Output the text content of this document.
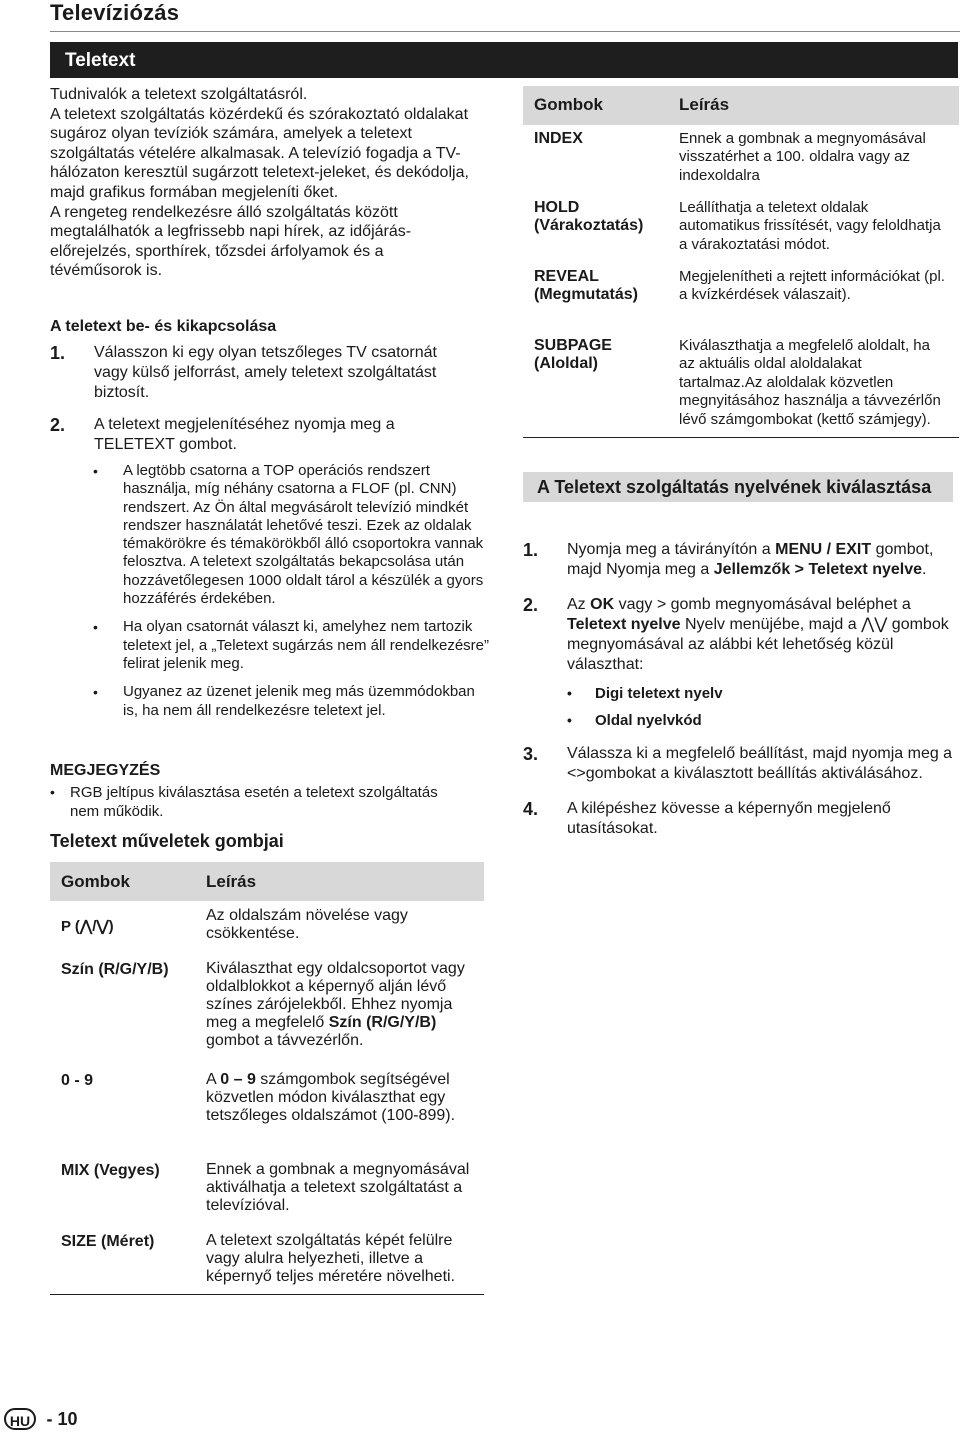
Televíziózás
Teletext

Tudnivalók a teletext szolgáltatásról.

A teletext szolgáltatás közérdekű és szórakoztató oldalakat sugároz olyan tevíziók számára, amelyek a teletext szolgáltatás vételére alkalmasak. A televízió fogadja a TV-hálózaton keresztül sugárzott teletext-jeleket, és dekódolja, majd grafikus formában megjeleníti őket.

A rengeteg rendelkezésre álló szolgáltatás között megtalálhatók a legfrissebb napi hírek, az időjárás-előrejelzés, sporthírek, tőzsdei árfolyamok és a tévéműsorok is.

A teletext be- és kikapcsolása
1. Válasszon ki egy olyan tetszőleges TV csatornát vagy külső jelforrást, amely teletext szolgáltatást biztosít.
2. A teletext megjelenítéséhez nyomja meg a TELETEXT gombot.
• A legtöbb csatorna a TOP operációs rendszert használja, míg néhány csatorna a FLOF (pl. CNN) rendszert. Az Ön által megvásárolt televízió mindkét rendszer használatát lehetővé teszi. Ezek az oldalak témakörökre és témakörökből álló csoportokra vannak felosztva. A teletext szolgáltatás bekapcsolása után hozzávetőlegesen 1000 oldalt tárol a készülék a gyors hozzáférés érdekében.
• Ha olyan csatornát választ ki, amelyhez nem tartozik teletext jel, a „Teletext sugárzás nem áll rendelkezésre” felirat jelenik meg.
• Ugyanez az üzenet jelenik meg más üzemmódokban is, ha nem áll rendelkezésre teletext jel.
MEGJEGYZÉS
• RGB jeltípus kiválasztása esetén a teletext szolgáltatás nem működik.
Teletext műveletek gombjai
Gombok	Leírás
P (⋀/⋁)	Az oldalszám növelése vagy csökkentése.
Szín (R/G/Y/B)	Kiválaszthat egy oldalcsoportot vagy oldalblokkot a képernyő alján lévő színes zárójelekből. Ehhez nyomja meg a megfelelő Szín (R/G/Y/B) gombot a távvezérlőn.
0 - 9	A 0 – 9 számgombok segítségével közvetlen módon kiválaszthat egy tetszőleges oldalszámot (100-899).
MIX (Vegyes)	Ennek a gombnak a megnyomásával aktiválhatja a teletext szolgáltatást a televízióval.
SIZE (Méret)	A teletext szolgáltatás képét felülre vagy alulra helyezheti, illetve a képernyő teljes méretére növelheti.
Gombok	Leírás
INDEX	Ennek a gombnak a megnyomásával visszatérhet a 100. oldalra vagy az indexoldalra
HOLD (Várakoztatás)	Leállíthatja a teletext oldalak automatikus frissítését, vagy feloldhatja a várakoztatási módot.
REVEAL (Megmutatás)	Megjelenítheti a rejtett információkat (pl. a kvízkérdések válaszait).
SUBPAGE (Aloldal)	Kiválaszthatja a megfelelő aloldalt, ha az aktuális oldal aloldalakat tartalmaz.Az aloldalak közvetlen megnyitásához használja a távvezérlőn lévő számgombokat (kettő számjegy).
A Teletext szolgáltatás nyelvének kiválasztása
1. Nyomja meg a távirányítón a MENU / EXIT gombot, majd Nyomja meg a Jellemzők > Teletext nyelve.
2. Az OK vagy > gomb megnyomásával beléphet a Teletext nyelve Nyelv menüjébe, majd a ⋀⋁ gombok megnyomásával az alábbi két lehetőség közül választhat:
• Digi teletext nyelv
• Oldal nyelvkód
3. Válassza ki a megfelelő beállítást, majd nyomja meg a <>gombokat a kiválasztott beállítás aktiválásához.
4. A kilépéshez kövesse a képernyőn megjelenő utasításokat.
HU - 10
